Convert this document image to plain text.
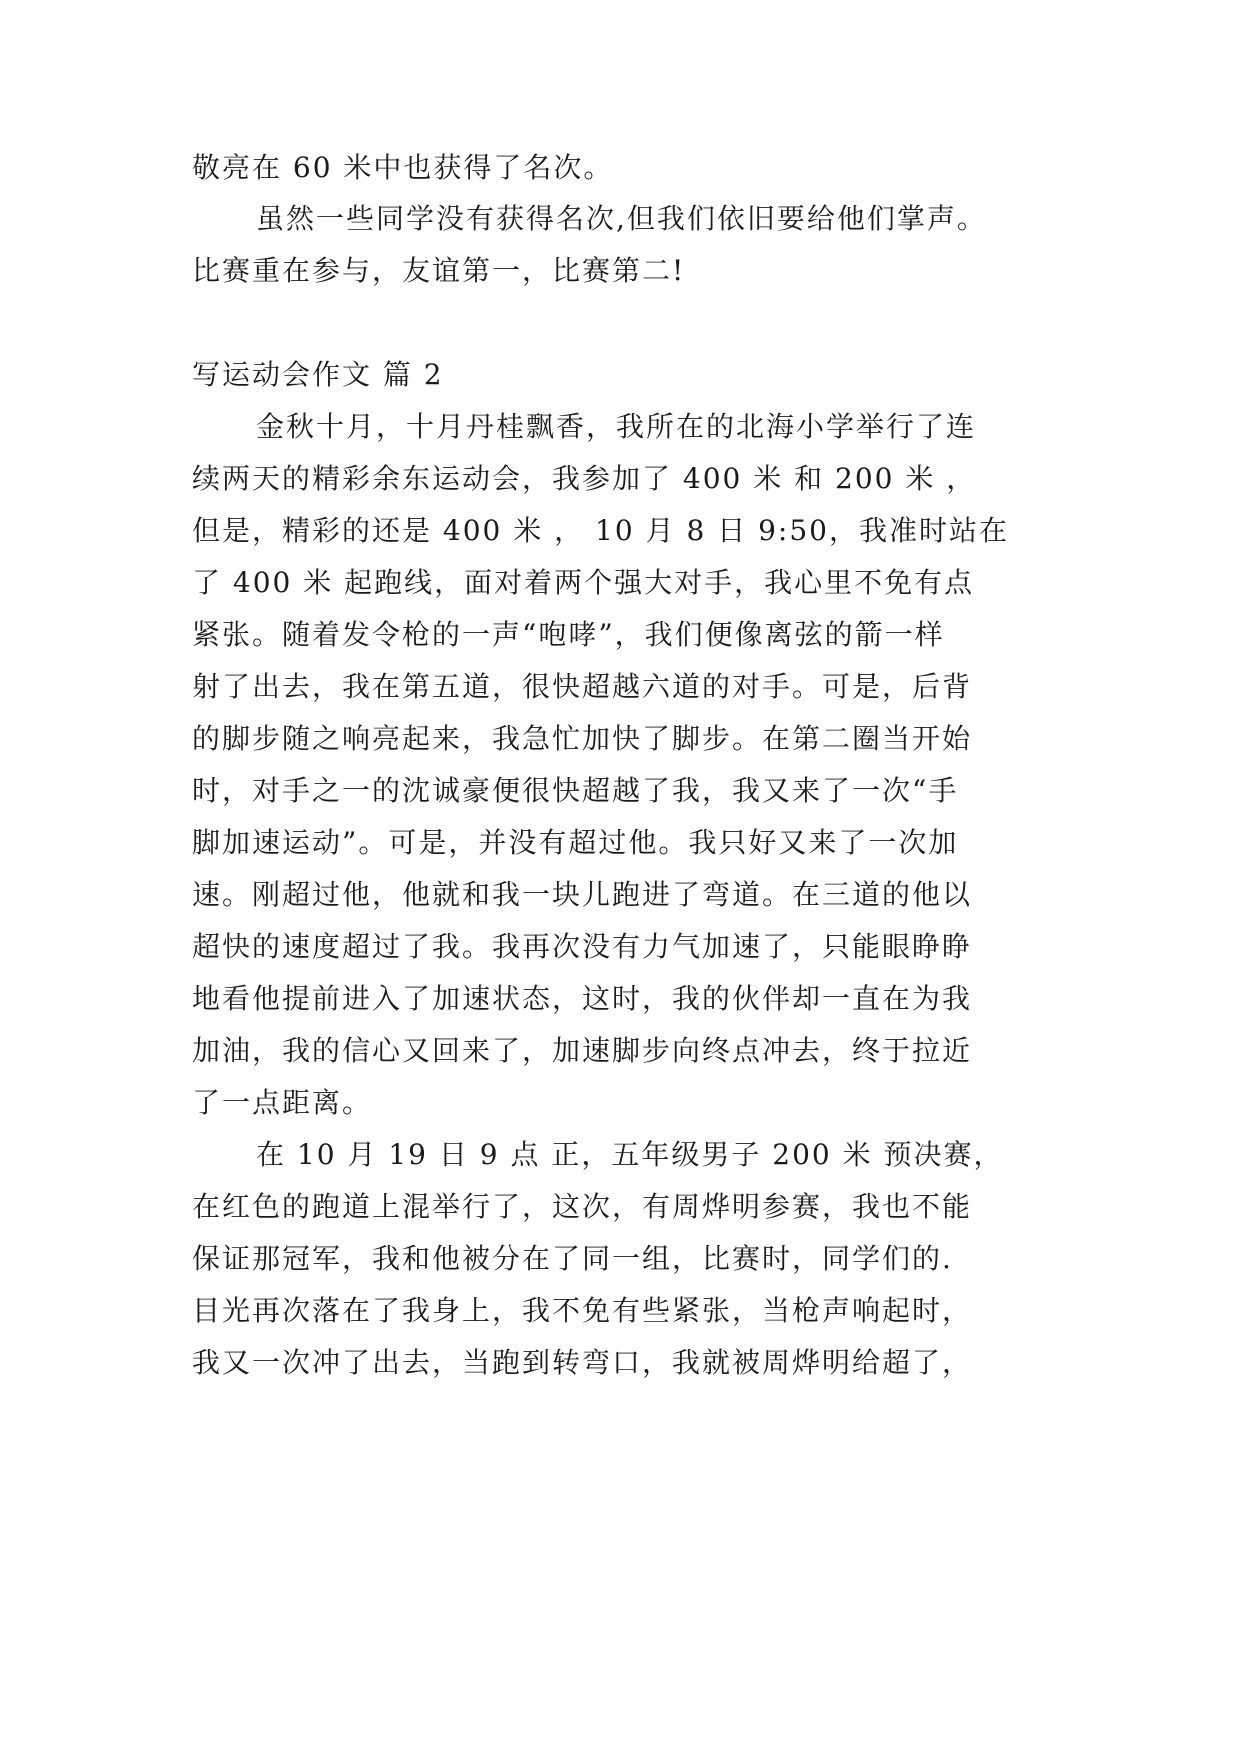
敬亮在 60 米中也获得了名次。
虽然一些同学没有获得名次,但我们依旧要给他们掌声。
比赛重在参与，友谊第一，比赛第二!
写运动会作文 篇 2
金秋十月，十月丹桂飘香，我所在的北海小学举行了连
续两天的精彩余东运动会，我参加了 400 米 和 200 米 ，
但是，精彩的还是 400 米 ， 10 月 8 日 9:50，我准时站在
了 400 米 起跑线，面对着两个强大对手，我心里不免有点
紧张。随着发令枪的一声“咆哮”，我们便像离弦的箭一样
射了出去，我在第五道，很快超越六道的对手。可是，后背
的脚步随之响亮起来，我急忙加快了脚步。在第二圈当开始
时，对手之一的沈诚豪便很快超越了我，我又来了一次“手
脚加速运动”。可是，并没有超过他。我只好又来了一次加
速。刚超过他，他就和我一块儿跑进了弯道。在三道的他以
超快的速度超过了我。我再次没有力气加速了，只能眼睁睁
地看他提前进入了加速状态，这时，我的伙伴却一直在为我
加油，我的信心又回来了，加速脚步向终点冲去，终于拉近
了一点距离。
在 10 月 19 日 9 点 正，五年级男子 200 米 预决赛，
在红色的跑道上混举行了，这次，有周烨明参赛，我也不能
保证那冠军，我和他被分在了同一组，比赛时，同学们的.
目光再次落在了我身上，我不免有些紧张，当枪声响起时，
我又一次冲了出去，当跑到转弯口，我就被周烨明给超了，
